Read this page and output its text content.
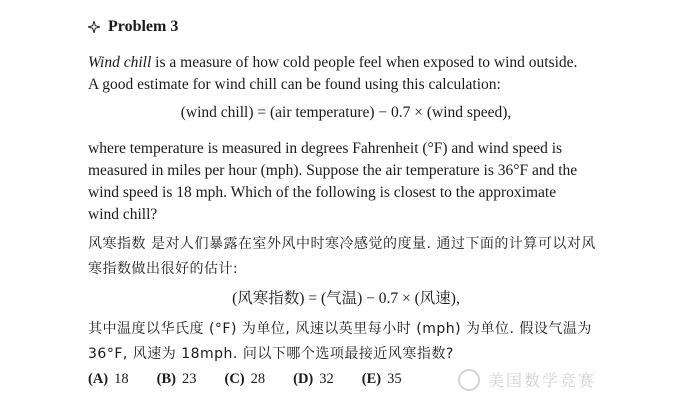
Problem 3
Wind chill is a measure of how cold people feel when exposed to wind outside. A good estimate for wind chill can be found using this calculation:
(wind chill) = (air temperature) − 0.7 × (wind speed),
where temperature is measured in degrees Fahrenheit (°F) and wind speed is measured in miles per hour (mph). Suppose the air temperature is 36°F and the wind speed is 18 mph. Which of the following is closest to the approximate wind chill?
风寒指数 是对人们暴露在室外风中时寒冷感觉的度量. 通过下面的计算可以对风寒指数做出很好的估计:
(风寒指数) = (气温) − 0.7 × (风速),
其中温度以华氏度 (°F) 为单位, 风速以英里每小时 (mph) 为单位. 假设气温为 36°F, 风速为 18mph. 问以下哪个选项最接近风寒指数?
(A) 18 (B) 23 (C) 28 (D) 32 (E) 35	美国数学竞赛
